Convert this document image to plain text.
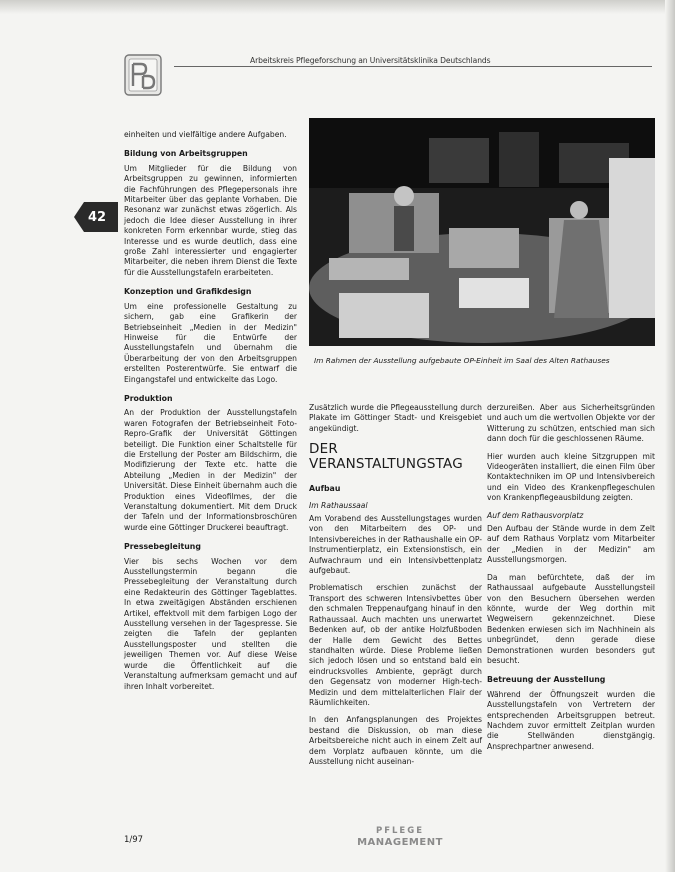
Arbeitskreis Pflegeforschung an Universitätsklinika Deutschlands
42

einheiten und vielfältige andere Aufgaben.

Bildung von Arbeitsgruppen

Um Mitglieder für die Bildung von Arbeitsgruppen zu gewinnen, informierten die Fachführungen des Pflegepersonals ihre Mitarbeiter über das geplante Vorhaben. Die Resonanz war zunächst etwas zögerlich. Als jedoch die Idee dieser Ausstellung in ihrer konkreten Form erkennbar wurde, stieg das Interesse und es wurde deutlich, dass eine große Zahl interessierter und engagierter Mitarbeiter, die neben ihrem Dienst die Texte für die Ausstellungstafeln erarbeiteten.

Konzeption und Grafikdesign

Um eine professionelle Gestaltung zu sichern, gab eine Grafikerin der Betriebseinheit „Medien in der Medizin" Hinweise für die Entwürfe der Ausstellungstafeln und übernahm die Überarbeitung der von den Arbeitsgruppen erstellten Posterentwürfe. Sie entwarf die Eingangstafel und entwickelte das Logo.

Produktion

An der Produktion der Ausstellungstafeln waren Fotografen der Betriebseinheit Foto-Repro-Grafik der Universität Göttingen beteiligt. Die Funktion einer Schaltstelle für die Erstellung der Poster am Bildschirm, die Modifizierung der Texte etc. hatte die Abteilung „Medien in der Medizin" der Universität. Diese Einheit übernahm auch die Produktion eines Videofilmes, der die Veranstaltung dokumentiert. Mit dem Druck der Tafeln und der Informationsbroschüren wurde eine Göttinger Druckerei beauftragt.

Pressebegleitung

Vier bis sechs Wochen vor dem Ausstellungstermin begann die Pressebegleitung der Veranstaltung durch eine Redakteurin des Göttinger Tageblattes. In etwa zweitägigen Abständen erschienen Artikel, effektvoll mit dem farbigen Logo der Ausstellung versehen in der Tagespresse. Sie zeigten die Tafeln der geplanten Ausstellungsposter und stellten die jeweiligen Themen vor. Auf diese Weise wurde die Öffentlichkeit auf die Veranstaltung aufmerksam gemacht und auf ihren Inhalt vorbereitet.

Im Rahmen der Ausstellung aufgebaute OP-Einheit im Saal des Alten Rathauses

Zusätzlich wurde die Pflegeausstellung durch Plakate im Göttinger Stadt- und Kreisgebiet angekündigt.

DER VERANSTALTUNGSTAG
Aufbau
Im Rathaussaal

Am Vorabend des Ausstellungstages wurden von den Mitarbeitern des OP- und Intensivbereiches in der Rathaushalle ein OP-Instrumentierplatz, ein Extensionstisch, ein Aufwachraum und ein Intensivbettenplatz aufgebaut.

Problematisch erschien zunächst der Transport des schweren Intensivbettes über den schmalen Treppenaufgang hinauf in den Rathaussaal. Auch machten uns unerwartet Bedenken auf, ob der antike Holzfußboden der Halle dem Gewicht des Bettes standhalten würde. Diese Probleme ließen sich jedoch lösen und so entstand bald ein eindrucksvolles Ambiente, geprägt durch den Gegensatz von moderner High-tech-Medizin und dem mittelalterlichen Flair der Räumlichkeiten.

In den Anfangsplanungen des Projektes bestand die Diskussion, ob man diese Arbeitsbereiche nicht auch in einem Zelt auf dem Vorplatz aufbauen könnte, um die Ausstellung nicht auseinan-

derzureißen. Aber aus Sicherheitsgründen und auch um die wertvollen Objekte vor der Witterung zu schützen, entschied man sich dann doch für die geschlossenen Räume.

Hier wurden auch kleine Sitzgruppen mit Videogeräten installiert, die einen Film über Kontaktechniken im OP und Intensivbereich und ein Video des Krankenpflegeschulen von Krankenpflegeausbildung zeigten.

Auf dem Rathausvorplatz

Den Aufbau der Stände wurde in dem Zelt auf dem Rathaus Vorplatz vom Mitarbeiter der „Medien in der Medizin" am Ausstellungsmorgen.

Da man befürchtete, daß der im Rathaussaal aufgebaute Ausstellungsteil von den Besuchern übersehen werden könnte, wurde der Weg dorthin mit Wegweisern gekennzeichnet. Diese Bedenken erwiesen sich im Nachhinein als unbegründet, denn gerade diese Demonstrationen wurden besonders gut besucht.

Betreuung der Ausstellung

Während der Öffnungszeit wurden die Ausstellungstafeln von Vertretern der entsprechenden Arbeitsgruppen betreut. Nachdem zuvor ermittelt Zeitplan wurden die Stellwänden dienstgängig. Ansprechpartner anwesend.

1/97
PFLEGE
MANAGEMENT
